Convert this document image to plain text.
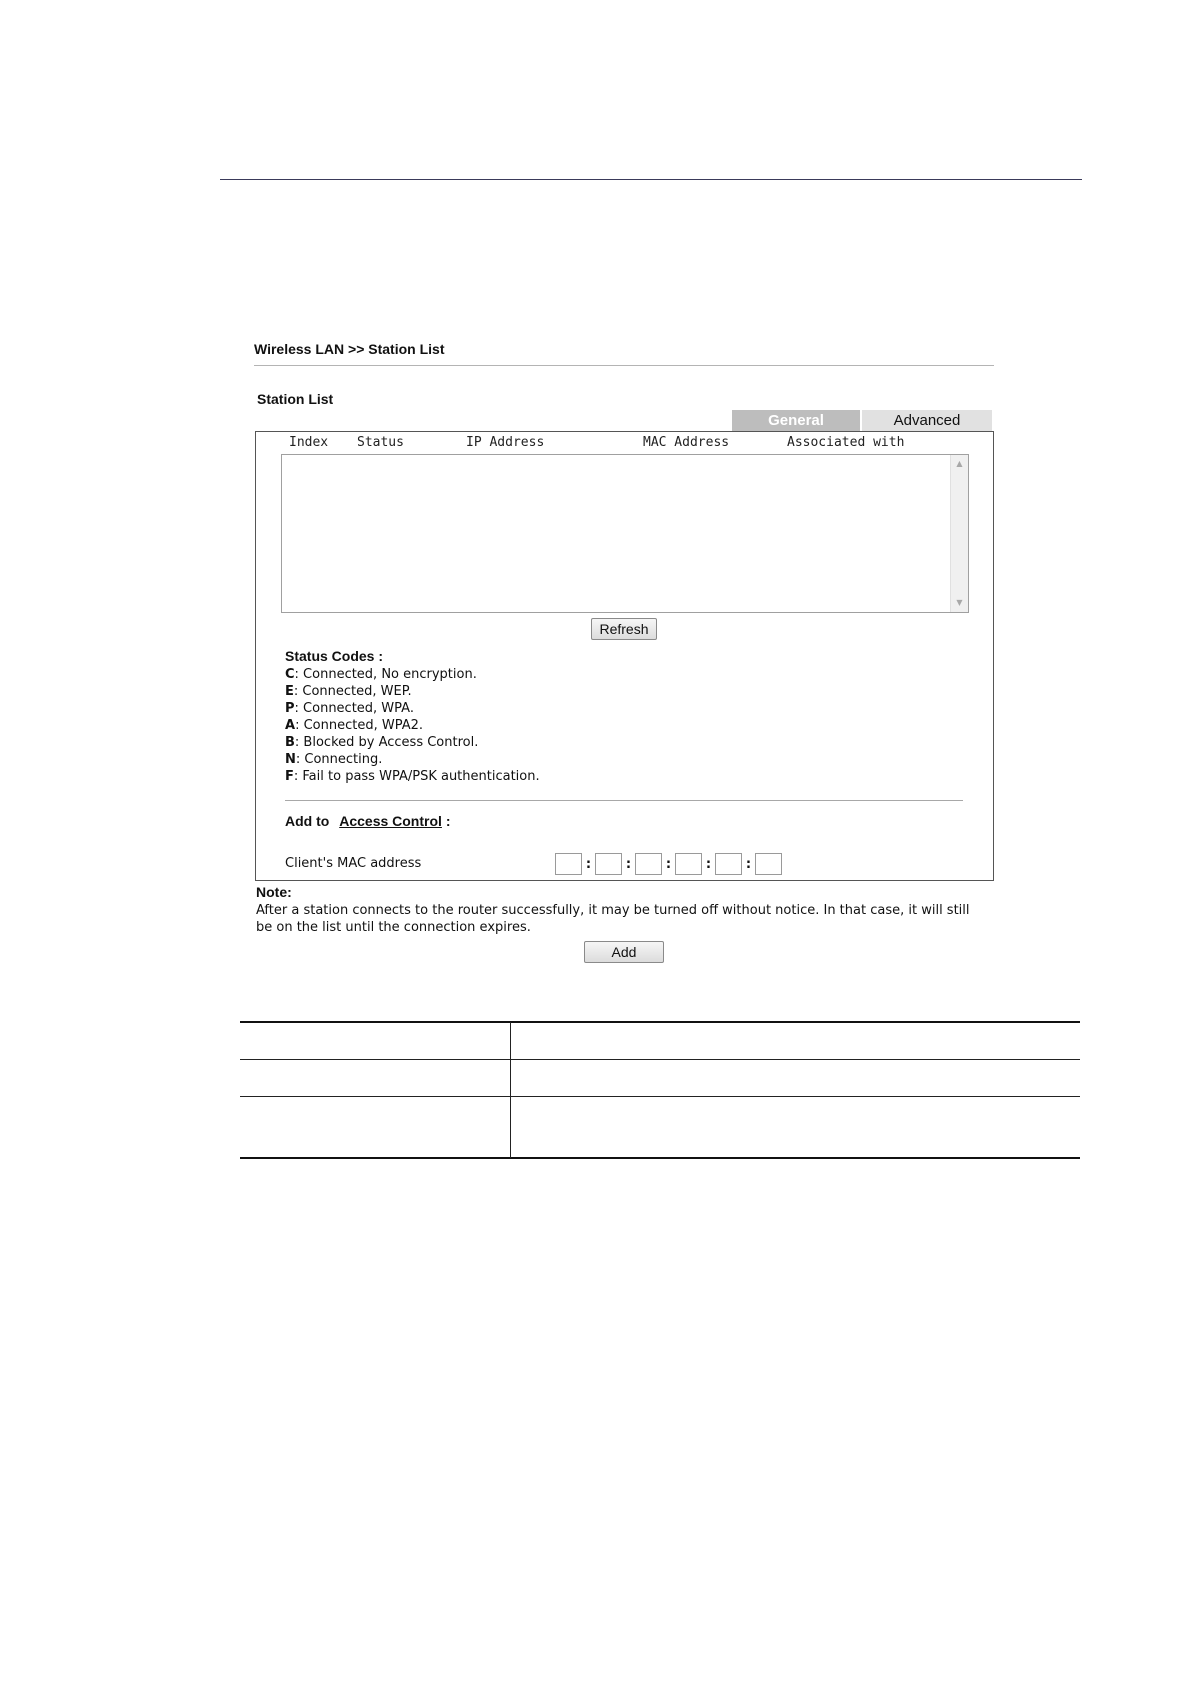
Wireless LAN >> Station List
Station List
General	Advanced
Index Status	IP Address	MAC Address	Associated with
▲
▼
Refresh
Status Codes :
C: Connected, No encryption.
E: Connected, WEP.
P: Connected, WPA.
A: Connected, WPA2.
B: Blocked by Access Control.
N: Connecting.
F: Fail to pass WPA/PSK authentication.
Add to Access Control :
Client's MAC address	:	:	:	:	:
Note:
After a station connects to the router successfully, it may be turned off without notice. In that case, it will still be on the list until the connection expires.
Add
